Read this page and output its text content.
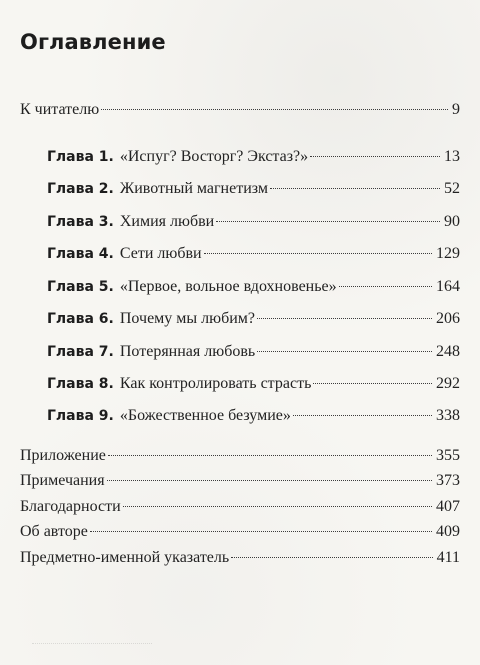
Оглавление
К читателю	9
Глава 1. «Испуг? Восторг? Экстаз?»	13
Глава 2. Животный магнетизм	52
Глава 3. Химия любви	90
Глава 4. Сети любви	129
Глава 5. «Первое, вольное вдохновенье»	164
Глава 6. Почему мы любим?	206
Глава 7. Потерянная любовь	248
Глава 8. Как контролировать страсть	292
Глава 9. «Божественное безумие»	338
Приложение	355
Примечания	373
Благодарности	407
Об авторе	409
Предметно-именной указатель	411
